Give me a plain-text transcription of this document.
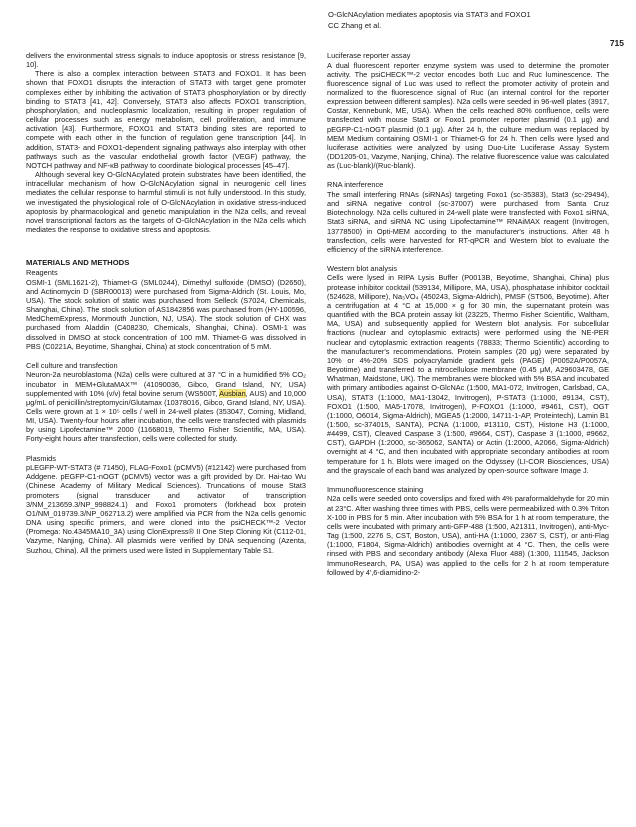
O-GlcNAcylation mediates apoptosis via STAT3 and FOXO1
CC Zhang et al.
715

delivers the environmental stress signals to induce apoptosis or stress resistance [9, 10].

There is also a complex interaction between STAT3 and FOXO1. It has been shown that FOXO1 disrupts the interaction of STAT3 with target gene promoter complexes either by inhibiting the activation of STAT3 phosphorylation or by directly binding to STAT3 [41, 42]. Conversely, STAT3 also affects FOXO1 transcription, phosphorylation, and nucleoplasmic localization, resulting in proper regulation of cellular processes such as energy metabolism, cell proliferation, and immune activation [43]. Furthermore, FOXO1 and STAT3 binding sites are reported to compete with each other in the function of regulation gene transcription [44]. In addition, STAT3- and FOXO1-dependent signaling pathways also interplay with other pathways such as the vascular endothelial growth factor (VEGF) pathway, the NOTCH pathway and NF-κB pathway to coordinate biological processes [45–47].

Although several key O-GlcNAcylated protein substrates have been identified, the intracellular mechanism of how O-GlcNAcylation signal in neurogenic cell lines mediates the cellular response to harmful stimuli is not fully understood. In this study, we investigated the physiological role of O-GlcNAcylation in oxidative stress-induced apoptosis by pharmacological and genetic manipulation in the N2a cells, and reveal novel transcriptional factors as the targets of O-GlcNAcylation in the N2a cells which mediates the response to oxidative stress and apoptosis.

MATERIALS AND METHODS
Reagents

OSMI-1 (SML1621-2), Thiamet-G (SML0244), Dimethyl sulfoxide (DMSO) (D2650), and Actinomycin D (SBR00013) were purchased from Sigma-Aldrich (St. Louis, Mo, USA). The stock solution of static was purchased from Selleck (S7024, Chemicals, Shanghai, China). The stock solution of AS1842856 was purchased from (HY-100596, MedChemExpress, Monmouth Junction, NJ, USA). The stock solution of CHX was purchased from Aladdin (C408230, Chemicals, Shanghai, China). OSMI-1 was dissolved in DMSO at stock concentration of 100 mM. Thiamet-G was dissolved in PBS (C0221A, Beyotime, Shanghai, China) at stock concentration of 5 mM.

Cell culture and transfection

Neuron-2a neuroblastoma (N2a) cells were cultured at 37 °C in a humidified 5% CO₂ incubator in MEM+GlutaMAX™ (41090036, Gibco, Grand Island, NY, USA) supplemented with 10% (v/v) fetal bovine serum (WS500T, Ausbian, AUS) and 10,000 μg/mL of penicillin/streptomycin/Glutamax (10378016, Gibco, Grand Island, NY, USA). Cells were grown at 1 × 10⁵ cells / well in 24-well plates (353047, Corning, Midland, MI, USA). Twenty-four hours after incubation, the cells were transfected with plasmids by using Lipofectamine™ 2000 (11668019, Thermo Fisher Scientific, MA, USA). Forty-eight hours after transfection, cells were collected for study.

Plasmids

pLEGFP-WT-STAT3 (# 71450), FLAG-Foxo1 (pCMV5) (#12142) were purchased from Addgene. pEGFP-C1-nOGT (pCMV5) vector was a gift provided by Dr. Hai-tao Wu (Chinese Academy of Military Medical Sciences). Truncations of mouse Stat3 promoters (signal transducer and activator of transcription 3/NM_213659.3/NP_998824.1) and Foxo1 promoters (forkhead box protein O1/NM_019739.3/NP_062713.2) were amplified via PCR from the N2a cells genomic DNA using specific primers, and were cloned into the psiCHECK™-2 Vector (Promega: No.4345MA10_3A) using ClonExpress® II One Step Cloning Kit (C112-01, Vazyme, Nanjing, China). All plasmids were verified by DNA sequencing (Azenta, Suzhou, China). All the primers used were listed in Supplementary Table S1.

Luciferase reporter assay

A dual fluorescent reporter enzyme system was used to determine the promoter activity. The psiCHECK™-2 vector encodes both Luc and Ruc luminescence. The fluorescence signal of Luc was used to reflect the promoter activity of protein and normalized to the fluorescence signal of Ruc (an internal control for the reporter expression between different samples). N2a cells were seeded in 96-well plates (3917, Costar, Kennebunk, ME, USA). When the cells reached 80% confluence, cells were transfected with mouse Stat3 or Foxo1 promoter reporter plasmid (0.1 μg) and pEGFP-C1-nOGT plasmid (0.1 μg). After 24 h, the culture medium was replaced by MEM Medium containing OSMI-1 or Thiamet-G for 24 h. Then cells were lysed and luciferase activities were analyzed by using Duo-Lite Luciferase Assay System (DD1205-01, Vazyme, Nanjing, China). The relative fluorescence value was calculated as (Luc-blank)/(Ruc-blank).

RNA interference

The small interfering RNAs (siRNAs) targeting Foxo1 (sc-35383), Stat3 (sc-29494), and siRNA negative control (sc-37007) were purchased from Santa Cruz Biotechnology. N2a cells cultured in 24-well plate were transfected with Foxo1 siRNA, Stat3 siRNA, and siRNA NC using Lipofectamine™ RNAiMAX reagent (Invitrogen, 13778500) in Opti-MEM according to the manufacturer's instructions. After 48 h transfection, cells were harvested for RT-qPCR and Western blot to evaluate the efficiency of the siRNA interference.

Western blot analysis

Cells were lysed in RIPA Lysis Buffer (P0013B, Beyotime, Shanghai, China) plus protease inhibitor cocktail (539134, Millipore, MA, USA), phosphatase inhibitor cocktail (524628, Millipore), Na₃VO₄ (450243, Sigma-Aldrich), PMSF (ST506, Beyotime). After a centrifugation at 4 °C at 15,000 × g for 30 min, the supernatant protein was quantified with the BCA protein assay kit (23225, Thermo Fisher Scientific, Waltham, MA, USA) and subsequently applied for Western blot analysis. For subcellular fractions (nuclear and cytoplasmic extracts) were performed using the NE-PER nuclear and cytoplasmic extraction reagents (78833; Thermo Scientific) according to the manufacturer's recommendations. Protein samples (20 μg) were separated by 10% or 4%-20% SDS polyacrylamide gradient gels (PAGE) (P0052A/P0057A, Beyotime) and transferred to a nitrocellulose membrane (0.45 μM, A29603478, GE Whatman, Maidstone, UK). The membranes were blocked with 5% BSA and incubated with primary antibodies against O-GlcNAc (1:500, MA1-072, Invitrogen, Carlsbad, CA, USA), STAT3 (1:1000, MA1-13042, Invitrogen), P-STAT3 (1:1000, #9134, CST), FOXO1 (1:500, MA5-17078, Invitrogen), P-FOXO1 (1:1000, #9461, CST), OGT (1:1000, O6014, Sigma-Aldrich), MGEA5 (1:2000, 14711-1-AP, Proteintech), Lamin B1 (1:500, sc-374015, SANTA), PCNA (1:1000, #13110, CST), Histone H3 (1:1000, #4499, CST), Cleaved Caspase 3 (1:500, #9664, CST), Caspase 3 (1:1000, #9662, CST), GAPDH (1:2000, sc-365062, SANTA) or Actin (1:2000, A2066, Sigma-Aldrich) overnight at 4 °C, and then incubated with appropriate secondary antibodies at room temperature for 1 h. Blots were imaged on the Odyssey (LI-COR Biosciences, USA) and the grayscale of each band was analyzed by open-source software Image J.

Immunofluorescence staining

N2a cells were seeded onto coverslips and fixed with 4% paraformaldehyde for 20 min at 23°C. After washing three times with PBS, cells were permeabilized with 0.3% Triton X-100 in PBS for 5 min. After incubation with 5% BSA for 1 h at room temperature, the cells were incubated with primary anti-GFP-488 (1:500, A21311, Invitrogen), anti-Myc-Tag (1:500, 2276 S, CST, Boston, USA), anti-HA (1:1000, 2367 S, CST), or anti-Flag (1:1000, F1804, Sigma-Aldrich) antibodies overnight at 4 °C. Then, the cells were rinsed with PBS and secondary antibody (Alexa Fluor 488) (1:300, 111545, Jackson ImmunoResearch, PA, USA) was applied to the cells for 2 h at room temperature followed by 4′,6-diamidino-2-
